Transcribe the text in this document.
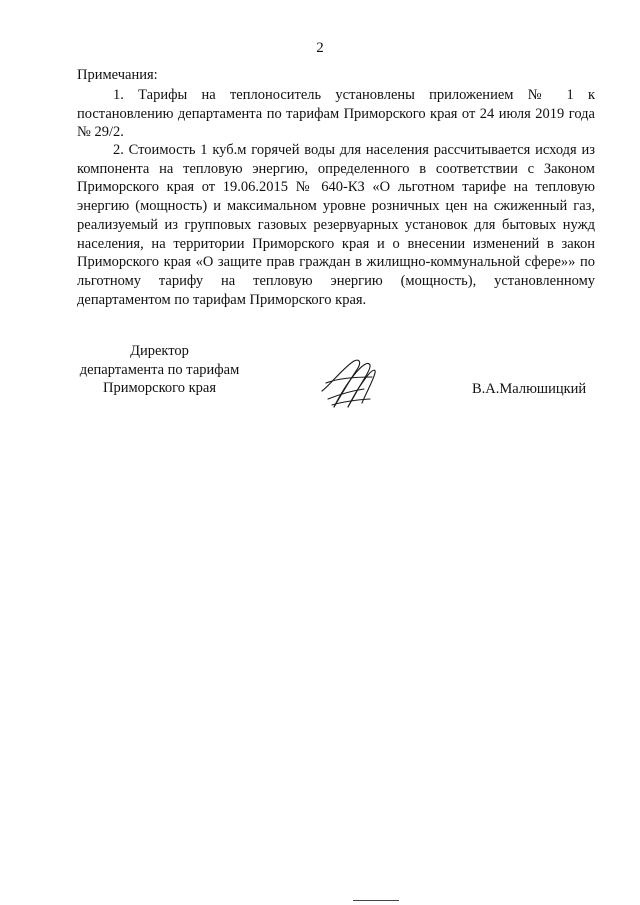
2
Примечания:
1. Тарифы на теплоноситель установлены приложением № 1 к постановлению департамента по тарифам Приморского края от 24 июля 2019 года № 29/2.
2. Стоимость 1 куб.м горячей воды для населения рассчитывается исходя из компонента на тепловую энергию, определенного в соответствии с Законом Приморского края от 19.06.2015 № 640-КЗ «О льготном тарифе на тепловую энергию (мощность) и максимальном уровне розничных цен на сжиженный газ, реализуемый из групповых газовых резервуарных установок для бытовых нужд населения, на территории Приморского края и о внесении изменений в закон Приморского края «О защите прав граждан в жилищно-коммунальной сфере»» по льготному тарифу на тепловую энергию (мощность), установленному департаментом по тарифам Приморского края.
Директор
департамента по тарифам
Приморского края	В.А.Малюшицкий
